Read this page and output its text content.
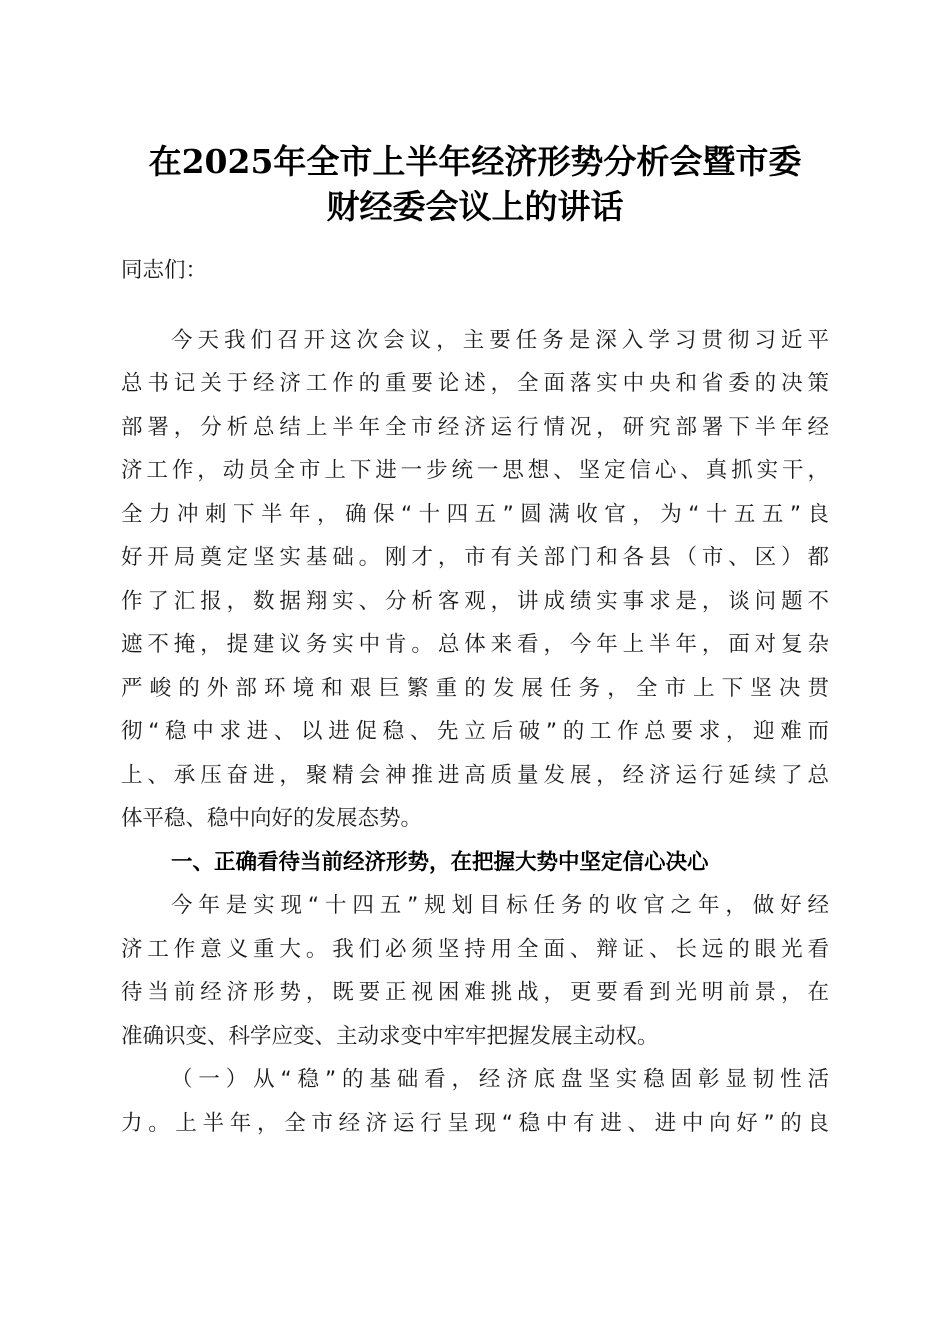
在2025年全市上半年经济形势分析会暨市委
财经委会议上的讲话
同志们：
今天我们召开这次会议，主要任务是深入学习贯彻习近平
总书记关于经济工作的重要论述，全面落实中央和省委的决策
部署，分析总结上半年全市经济运行情况，研究部署下半年经
济工作，动员全市上下进一步统一思想、坚定信心、真抓实干，
全力冲刺下半年，确保“十四五”圆满收官，为“十五五”良
好开局奠定坚实基础。刚才，市有关部门和各县（市、区）都
作了汇报，数据翔实、分析客观，讲成绩实事求是，谈问题不
遮不掩，提建议务实中肯。总体来看，今年上半年，面对复杂
严峻的外部环境和艰巨繁重的发展任务，全市上下坚决贯
彻“稳中求进、以进促稳、先立后破”的工作总要求，迎难而
上、承压奋进，聚精会神推进高质量发展，经济运行延续了总
体平稳、稳中向好的发展态势。
一、正确看待当前经济形势，在把握大势中坚定信心决心
今年是实现“十四五”规划目标任务的收官之年，做好经
济工作意义重大。我们必须坚持用全面、辩证、长远的眼光看
待当前经济形势，既要正视困难挑战，更要看到光明前景，在
准确识变、科学应变、主动求变中牢牢把握发展主动权。
（一）从“稳”的基础看，经济底盘坚实稳固彰显韧性活
力。上半年，全市经济运行呈现“稳中有进、进中向好”的良
